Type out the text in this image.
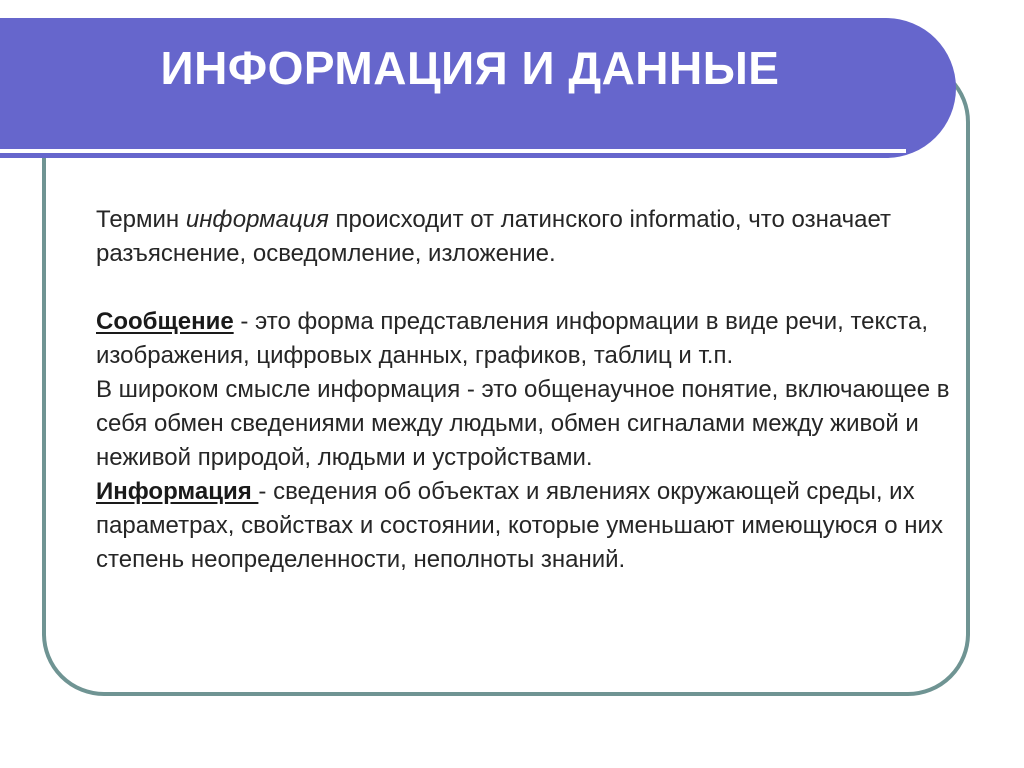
ИНФОРМАЦИЯ И ДАННЫЕ

Термин информация происходит от латинского informatio, что означает разъяснение, осведомление, изложение.

Сообщение - это форма представления информации в виде речи, текста, изображения, цифровых данных, графиков, таблиц и т.п.

В широком смысле информация - это общенаучное понятие, включающее в себя обмен сведениями между людьми, обмен сигналами между живой и неживой природой, людьми и устройствами.

Информация - сведения об объектах и явлениях окружающей среды, их параметрах, свойствах и состоянии, которые уменьшают имеющуюся о них степень неопределенности, неполноты знаний.
